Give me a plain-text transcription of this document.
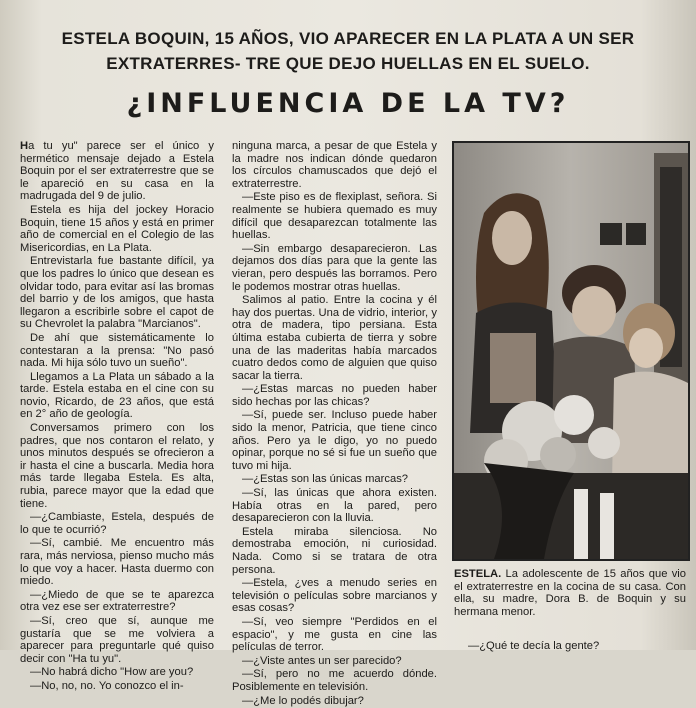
ESTELA BOQUIN, 15 AÑOS, VIO APARECER EN LA PLATA A UN SER EXTRATERRES- TRE QUE DEJO HUELLAS EN EL SUELO.
¿INFLUENCIA DE LA TV?

Ha tu yu" parece ser el único y hermético mensaje dejado a Estela Boquin por el ser extraterrestre que se le apareció en su casa en la madrugada del 9 de julio.

Estela es hija del jockey Horacio Boquin, tiene 15 años y está en primer año de comercial en el Colegio de las Misericordias, en La Plata.

Entrevistarla fue bastante difícil, ya que los padres lo único que desean es olvidar todo, para evitar así las bromas del barrio y de los amigos, que hasta llegaron a escribirle sobre el capot de su Chevrolet la palabra "Marcianos".

De ahí que sistemáticamente lo contestaran a la prensa: "No pasó nada. Mi hija sólo tuvo un sueño".

Llegamos a La Plata un sábado a la tarde. Estela estaba en el cine con su novio, Ricardo, de 23 años, que está en 2° año de geología.

Conversamos primero con los padres, que nos contaron el relato, y unos minutos después se ofrecieron a ir hasta el cine a buscarla. Media hora más tarde llegaba Estela. Es alta, rubia, parece mayor que la edad que tiene.

—¿Cambiaste, Estela, después de lo que te ocurrió?

—Sí, cambié. Me encuentro más rara, más nerviosa, pienso mucho más lo que voy a hacer. Hasta duermo con miedo.

—¿Miedo de que se te aparezca otra vez ese ser extraterrestre?

—Sí, creo que sí, aunque me gustaría que se me volviera a aparecer para preguntarle qué quiso decir con "Ha tu yu".

—No habrá dicho "How are you?

—No, no, no. Yo conozco el in-

ninguna marca, a pesar de que Estela y la madre nos indican dónde quedaron los círculos chamuscados que dejó el extraterrestre.

—Este piso es de flexiplast, señora. Si realmente se hubiera quemado es muy difícil que desaparezcan totalmente las huellas.

—Sin embargo desaparecieron. Las dejamos dos días para que la gente las vieran, pero después las borramos. Pero le podemos mostrar otras huellas.

Salimos al patio. Entre la cocina y él hay dos puertas. Una de vidrio, interior, y otra de madera, tipo persiana. Esta última estaba cubierta de tierra y sobre una de las maderitas había marcados cuatro dedos como de alguien que quiso sacar la tierra.

—¿Estas marcas no pueden haber sido hechas por las chicas?

—Sí, puede ser. Incluso puede haber sido la menor, Patricia, que tiene cinco años. Pero ya le digo, yo no puedo opinar, porque no sé si fue un sueño que tuvo mi hija.

—¿Estas son las únicas marcas?

—Sí, las únicas que ahora existen. Había otras en la pared, pero desaparecieron con la lluvia.

Estela miraba silenciosa. No demostraba emoción, ni curiosidad. Nada. Como si se tratara de otra persona.

—Estela, ¿ves a menudo series en televisión o películas sobre marcianos y esas cosas?

—Sí, veo siempre "Perdidos en el espacio", y me gusta en cine las películas de terror.

—¿Viste antes un ser parecido?

—Sí, pero no me acuerdo dónde. Posiblemente en televisión.

—¿Me lo podés dibujar?

ESTELA. La adolescente de 15 años que vio el extraterrestre en la cocina de su casa. Con ella, su madre, Dora B. de Boquin y su hermana menor.
—¿Qué te decía la gente?
